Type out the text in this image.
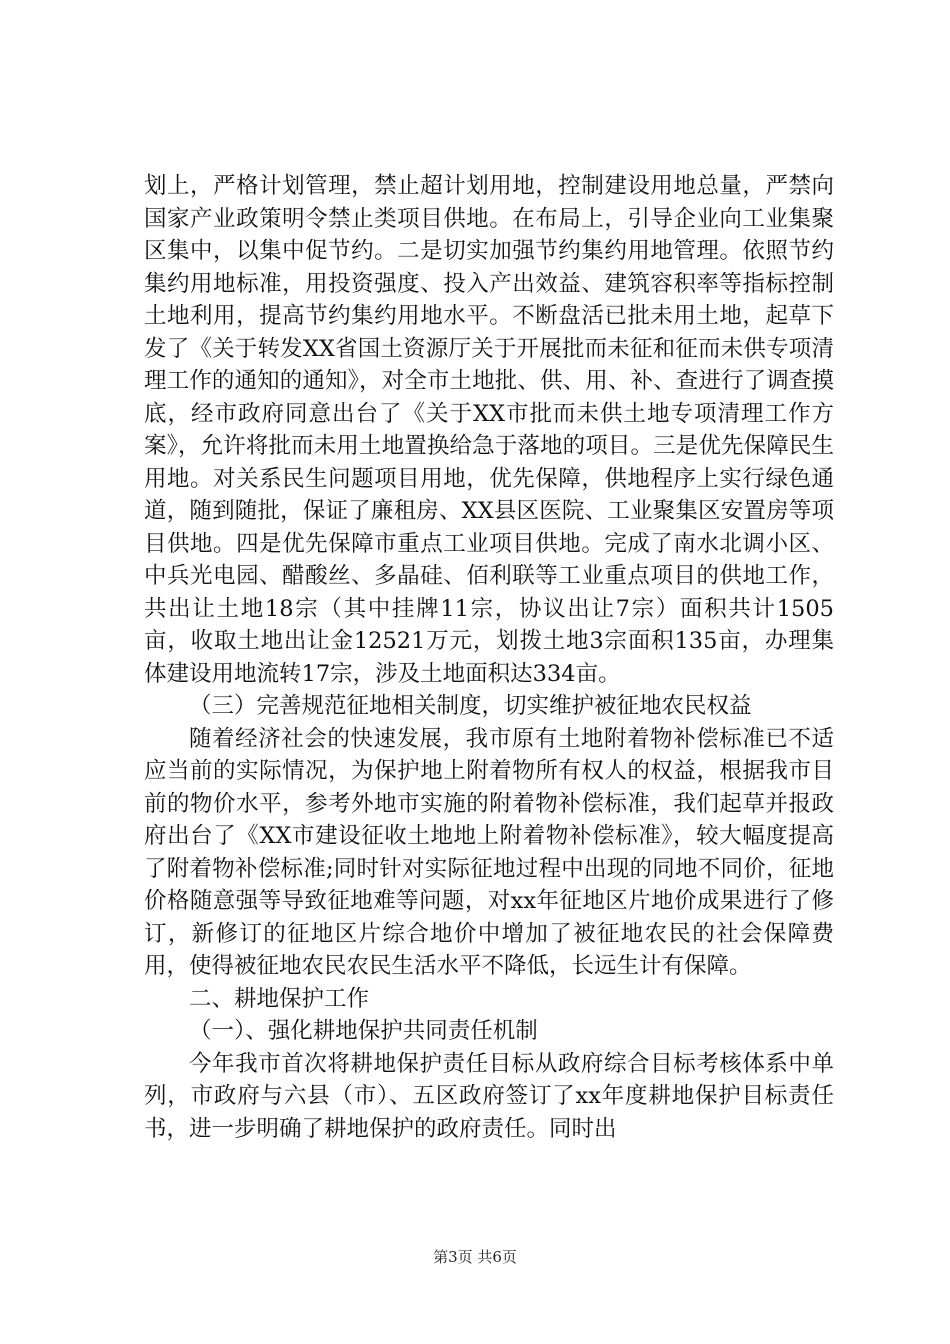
划上，严格计划管理，禁止超计划用地，控制建设用地总量，严禁向国家产业政策明令禁止类项目供地。在布局上，引导企业向工业集聚区集中，以集中促节约。二是切实加强节约集约用地管理。依照节约集约用地标准，用投资强度、投入产出效益、建筑容积率等指标控制土地利用，提高节约集约用地水平。不断盘活已批未用土地，起草下发了《关于转发XX省国土资源厅关于开展批而未征和征而未供专项清理工作的通知的通知》，对全市土地批、供、用、补、查进行了调查摸底，经市政府同意出台了《关于XX市批而未供土地专项清理工作方案》，允许将批而未用土地置换给急于落地的项目。三是优先保障民生用地。对关系民生问题项目用地，优先保障，供地程序上实行绿色通道，随到随批，保证了廉租房、XX县区医院、工业聚集区安置房等项目供地。四是优先保障市重点工业项目供地。完成了南水北调小区、中兵光电园、醋酸丝、多晶硅、佰利联等工业重点项目的供地工作，共出让土地18宗（其中挂牌11宗，协议出让7宗）面积共计1505亩，收取土地出让金12521万元，划拨土地3宗面积135亩，办理集体建设用地流转17宗，涉及土地面积达334亩。

（三）完善规范征地相关制度，切实维护被征地农民权益

随着经济社会的快速发展，我市原有土地附着物补偿标准已不适应当前的实际情况，为保护地上附着物所有权人的权益，根据我市目前的物价水平，参考外地市实施的附着物补偿标准，我们起草并报政府出台了《XX市建设征收土地地上附着物补偿标准》，较大幅度提高了附着物补偿标准;同时针对实际征地过程中出现的同地不同价，征地价格随意强等导致征地难等问题，对xx年征地区片地价成果进行了修订，新修订的征地区片综合地价中增加了被征地农民的社会保障费用，使得被征地农民农民生活水平不降低，长远生计有保障。

二、耕地保护工作

（一）、强化耕地保护共同责任机制

今年我市首次将耕地保护责任目标从政府综合目标考核体系中单列，市政府与六县（市）、五区政府签订了xx年度耕地保护目标责任书，进一步明确了耕地保护的政府责任。同时出

第3页 共6页
